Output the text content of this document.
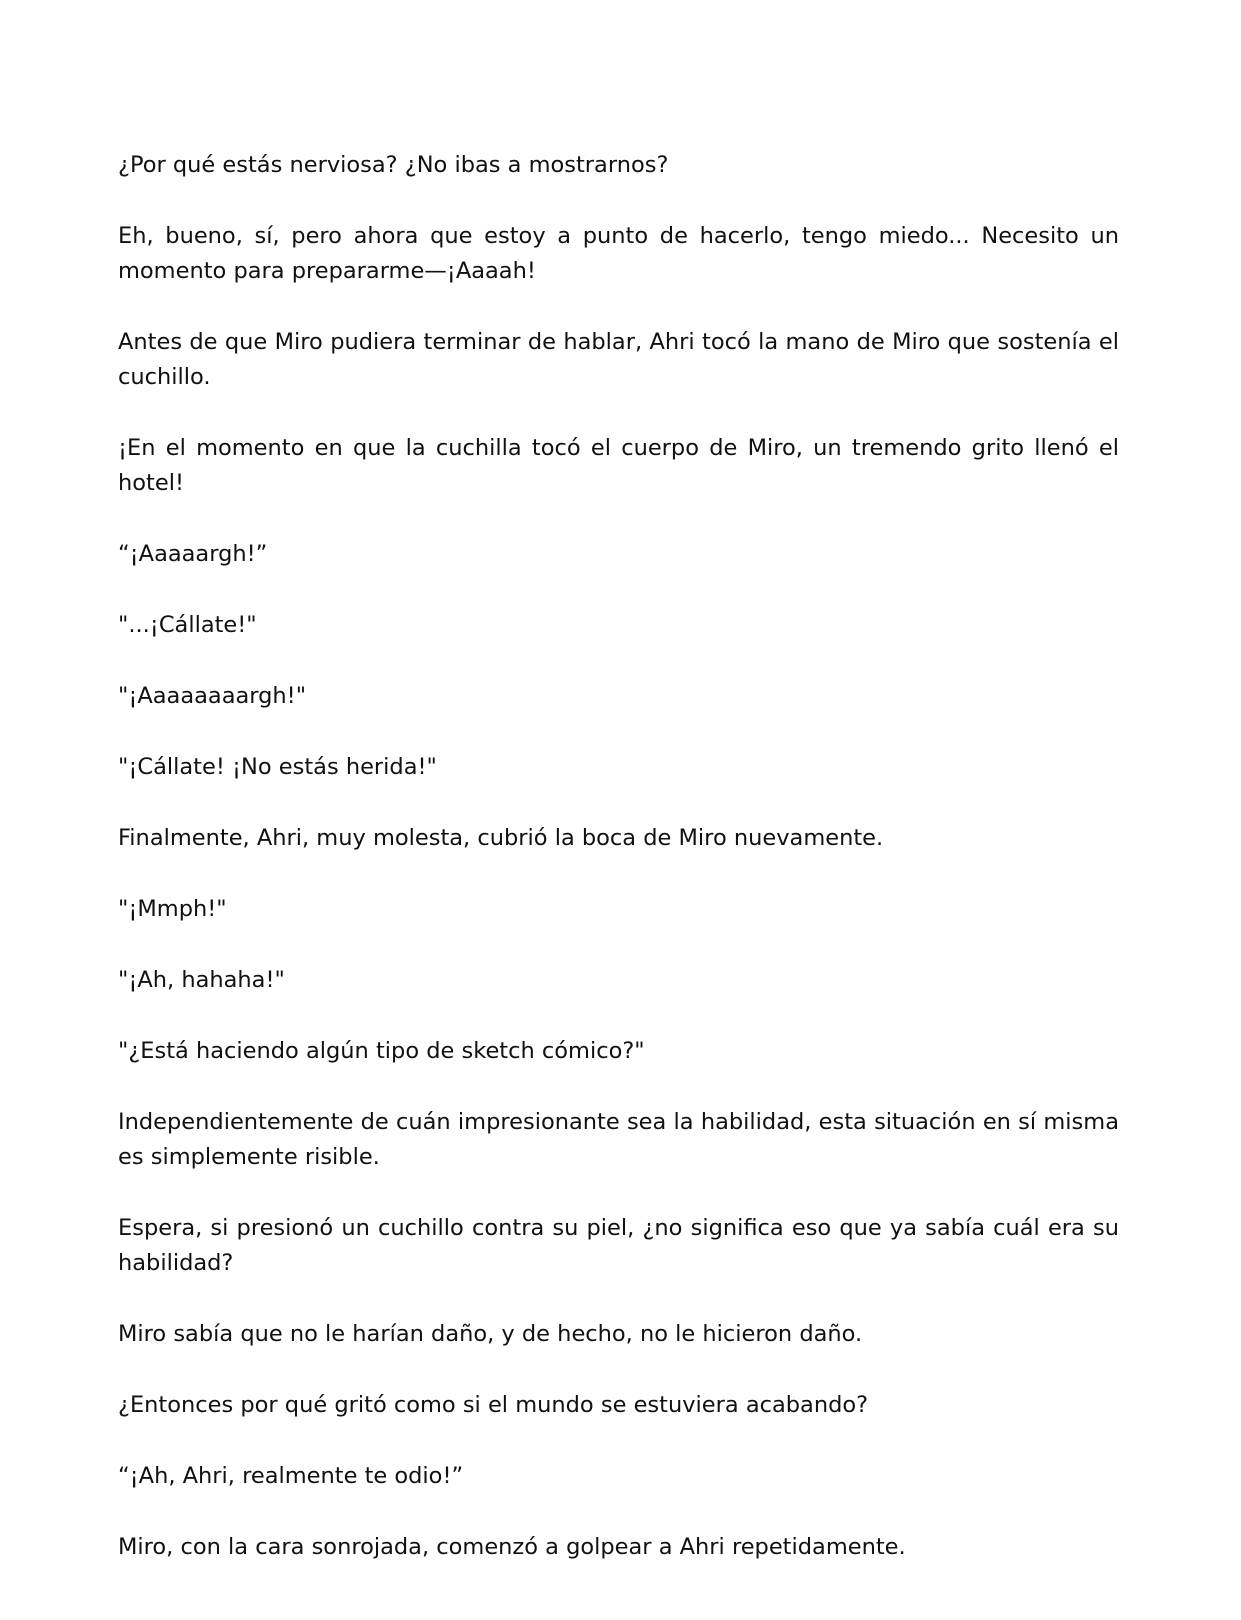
¿Por qué estás nerviosa? ¿No ibas a mostrarnos?

Eh, bueno, sí, pero ahora que estoy a punto de hacerlo, tengo miedo... Necesito un momento para prepararme—¡Aaaah!

Antes de que Miro pudiera terminar de hablar, Ahri tocó la mano de Miro que sostenía el cuchillo.

¡En el momento en que la cuchilla tocó el cuerpo de Miro, un tremendo grito llenó el hotel!

“¡Aaaaargh!”

"...¡Cállate!"

"¡Aaaaaaaargh!"

"¡Cállate! ¡No estás herida!"

Finalmente, Ahri, muy molesta, cubrió la boca de Miro nuevamente.

"¡Mmph!"

"¡Ah, hahaha!"

"¿Está haciendo algún tipo de sketch cómico?"

Independientemente de cuán impresionante sea la habilidad, esta situación en sí misma es simplemente risible.

Espera, si presionó un cuchillo contra su piel, ¿no significa eso que ya sabía cuál era su habilidad?

Miro sabía que no le harían daño, y de hecho, no le hicieron daño.

¿Entonces por qué gritó como si el mundo se estuviera acabando?

“¡Ah, Ahri, realmente te odio!”

Miro, con la cara sonrojada, comenzó a golpear a Ahri repetidamente.
